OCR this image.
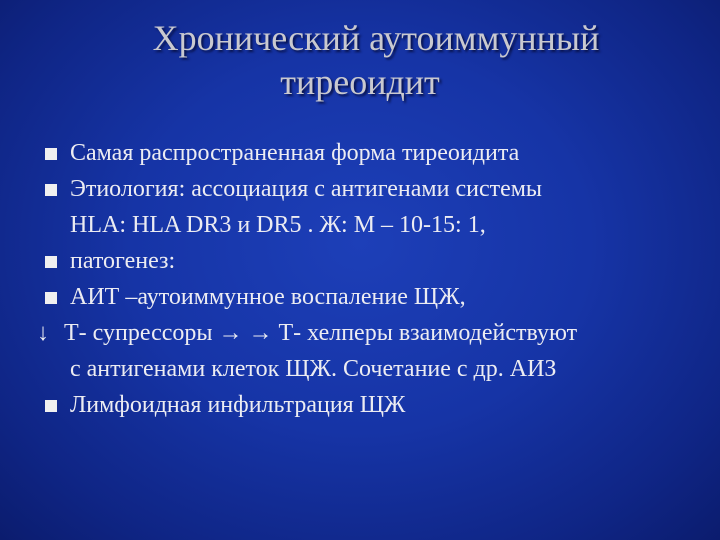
Хронический аутоиммунный
тиреоидит
Самая распространенная форма тиреоидита
Этиология: ассоциация с антигенами системы
HLA: HLA DR3 и DR5 . Ж: М – 10-15: 1,
патогенез:
АИТ –аутоиммунное воспаление ЩЖ,
↓ Т- супрессоры → → Т- хелперы взаимодействуют
с антигенами клеток ЩЖ. Сочетание с др. АИЗ
Лимфоидная инфильтрация ЩЖ
